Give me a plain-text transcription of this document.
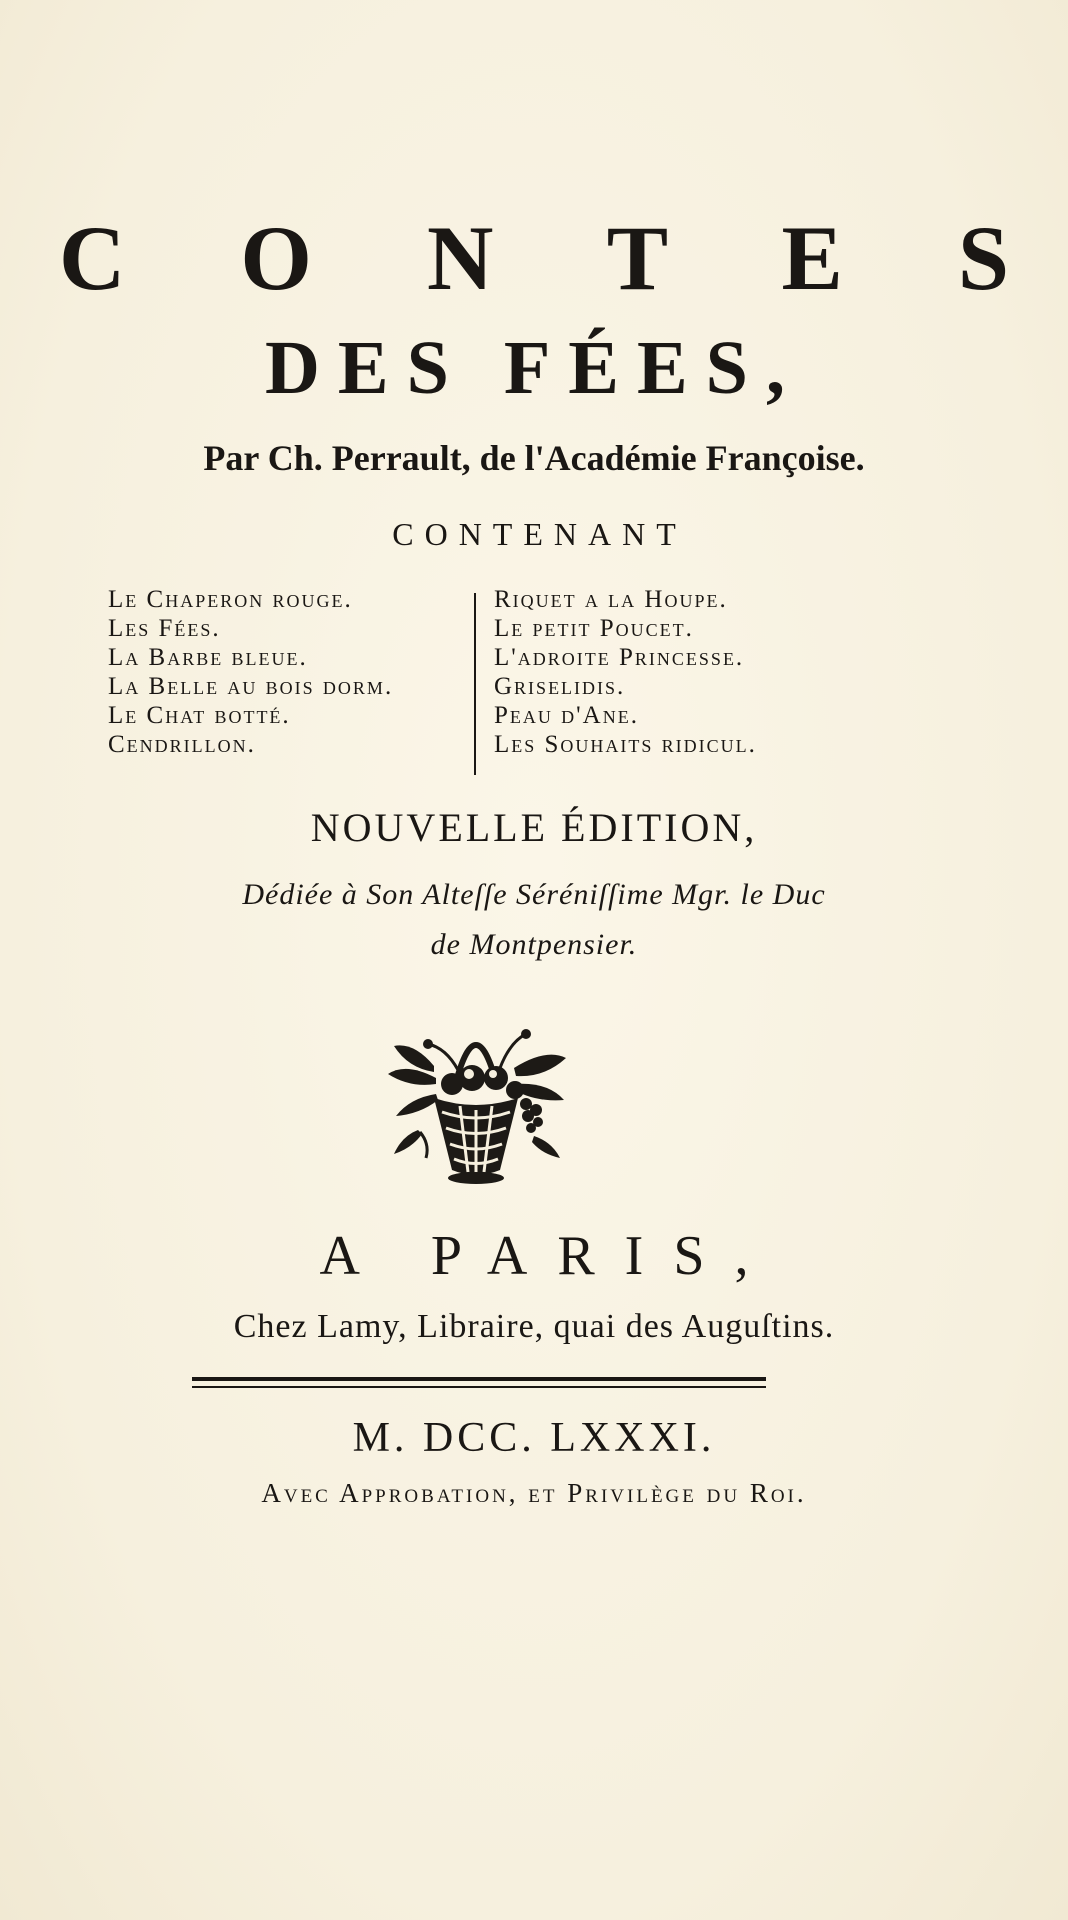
C O N T E S
DES FÉES,
Par Ch. Perrault, de l'Académie Françoise.
CONTENANT
Le Chaperon rouge.
Les Fées.
La Barbe bleue.
La Belle au bois dorm.
Le Chat botté.
Cendrillon.
Riquet a la Houpe.
Le petit Poucet.
L'adroite Princesse.
Griselidis.
Peau d'Ane.
Les Souhaits ridicul.
NOUVELLE ÉDITION,
Dédiée à Son Alteſſe Séréniſſime Mgr. le Duc
de Montpensier.
A PARIS,
Chez Lamy, Libraire, quai des Auguſtins.
M. DCC. LXXXI.
Avec Approbation, et Privilège du Roi.
